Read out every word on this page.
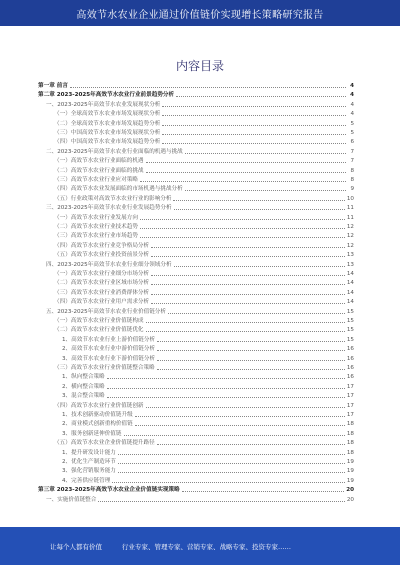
高效节水农业企业通过价值链价实现增长策略研究报告
内容目录
第一章 前言	4
第二章 2023-2025年高效节水农业行业前景趋势分析	4
一、2023-2025年高效节水农业发展现状分析	4
（一）全球高效节水农业市场发展现状分析	4
（二）全球高效节水农业市场发展趋势分析	5
（三）中国高效节水农业市场发展现状分析	5
（四）中国高效节水农业市场发展趋势分析	6
二、2023-2025年高效节水农业行业面临的机遇与挑战	7
（一）高效节水农业行业面临的机遇	7
（二）高效节水农业行业面临的挑战	8
（三）高效节水农业行业应对策略	8
（四）高效节水农业发展面临的市场机遇与挑战分析	9
（五）行业政策对高效节水农业行业的影响分析	10
三、2023-2025年高效节水农业行业发展趋势分析	11
（一）高效节水农业行业发展方向	11
（二）高效节水农业行业技术趋势	12
（三）高效节水农业行业市场趋势	12
（四）高效节水农业行业竞争格局分析	12
（五）高效节水农业行业投资前景分析	13
四、2023-2025年高效节水农业行业细分领域分析	13
（一）高效节水农业行业细分市场分析	14
（二）高效节水农业行业区域市场分析	14
（三）高效节水农业行业消费群体分析	14
（四）高效节水农业行业用户需求分析	14
五、2023-2025年高效节水农业行业价值链分析	15
（一）高效节水农业行业价值链构成	15
（二）高效节水农业行业价值链优化	15
1、高效节水农业行业上游价值链分析	15
2、高效节水农业行业中游价值链分析	16
3、高效节水农业行业下游价值链分析	16
（三）高效节水农业行业价值链整合策略	16
1、纵向整合策略	16
2、横向整合策略	17
3、混合整合策略	17
（四）高效节水农业行业价值链创新	17
1、技术创新驱动价值链升级	17
2、商业模式创新重构价值链	18
3、服务创新延伸价值链	18
（五）高效节水农业企业价值链提升路径	18
1、提升研发设计能力	18
2、优化生产制造环节	19
3、强化营销服务能力	19
4、完善供应链管理	19
第三章 2023-2025年高效节水农业企业价值链实现策略	20
一、实施价值链整合	20
让每个人都有价值	行业专家、管理专家、营销专家、战略专家、投资专家……
